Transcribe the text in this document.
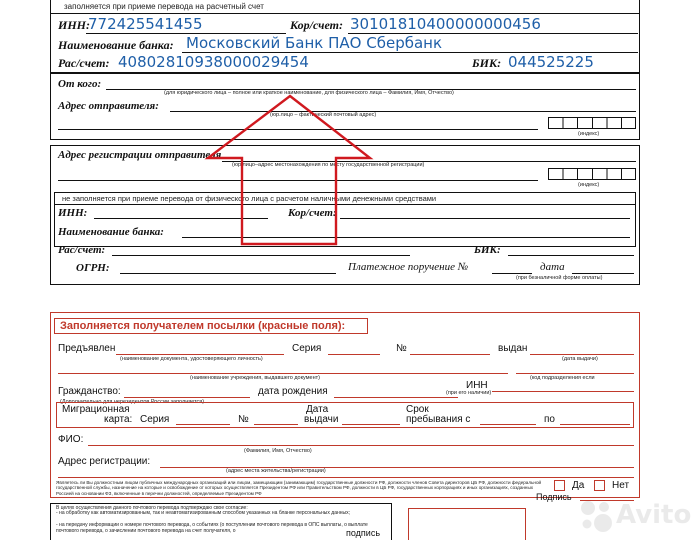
заполняется при приеме перевода на расчетный счет
ИНН:
772425541455	Кор/счет: 30101810400000000456
Наименование банка: Московский Банк ПАО Сбербанк
Рас/счет: 40802810938000029454	БИК: 044525225
От кого:
(для юридического лица – полное или краткое наименование, для физического лица – Фамилия, Имя, Отчество)
Адрес отправителя:
(юр.лицо – фактический почтовый адрес)
(индекс)
Адрес регистрации отправителя
(юр.лицо–адрес местонахождения по месту государственной регистрации)
(индекс)
не заполняется при приеме перевода от физического лица с расчетом наличными денежными средствами
ИНН:	Кор/счет:
Наименование банка:
Рас/счет:	БИК:
ОГРН:	Платежное поручение №	дата
(при безналичной форме оплаты)
Заполняется получателем посылки (красные поля):
Предъявлен	Серия	№	выдан
(наименование документа, удостоверяющего личность)	(дата выдачи)
(наименование учреждения, выдавшего документ)	(код подразделения если
Гражданство:	дата рождения
ИНН
(при его наличии)
(Дополнительно для нерезидентов России заполняется)
Миграционная
карта: Серия	№
Дата
выдачи
Срок
пребывания с	по
ФИО:
(Фамилия, Имя, Отчество)
Адрес регистрации:
(адрес места жительства/регистрации)
Являетесь ли Вы должностным лицом публичных международных организаций или лицом, замещающим (занимающим) государственные должности РФ, должности членов Совета директоров ЦБ РФ, должности федеральной государственной службы, назначение на которые и освобождение от которых осуществляется Президентом РФ или Правительством РФ, должности в ЦБ РФ, государственных корпорациях и иных организациях, созданных Россией на основании ФЗ, включенные в перечни должностей, определяемые Президентом РФ
Да	Нет
Подпись
В целях осуществления данного почтового перевода подтверждаю свое согласие:
- на обработку как автоматизированным, так и неавтоматизированным способом указанных на бланке персональных данных;
- на передачу информации о номере почтового перевода, о событиях (о поступлении почтового перевода в ОПС выплаты, о выплате почтового перевода, о зачислении почтового перевода на счет получателя, о	подпись
Avito
